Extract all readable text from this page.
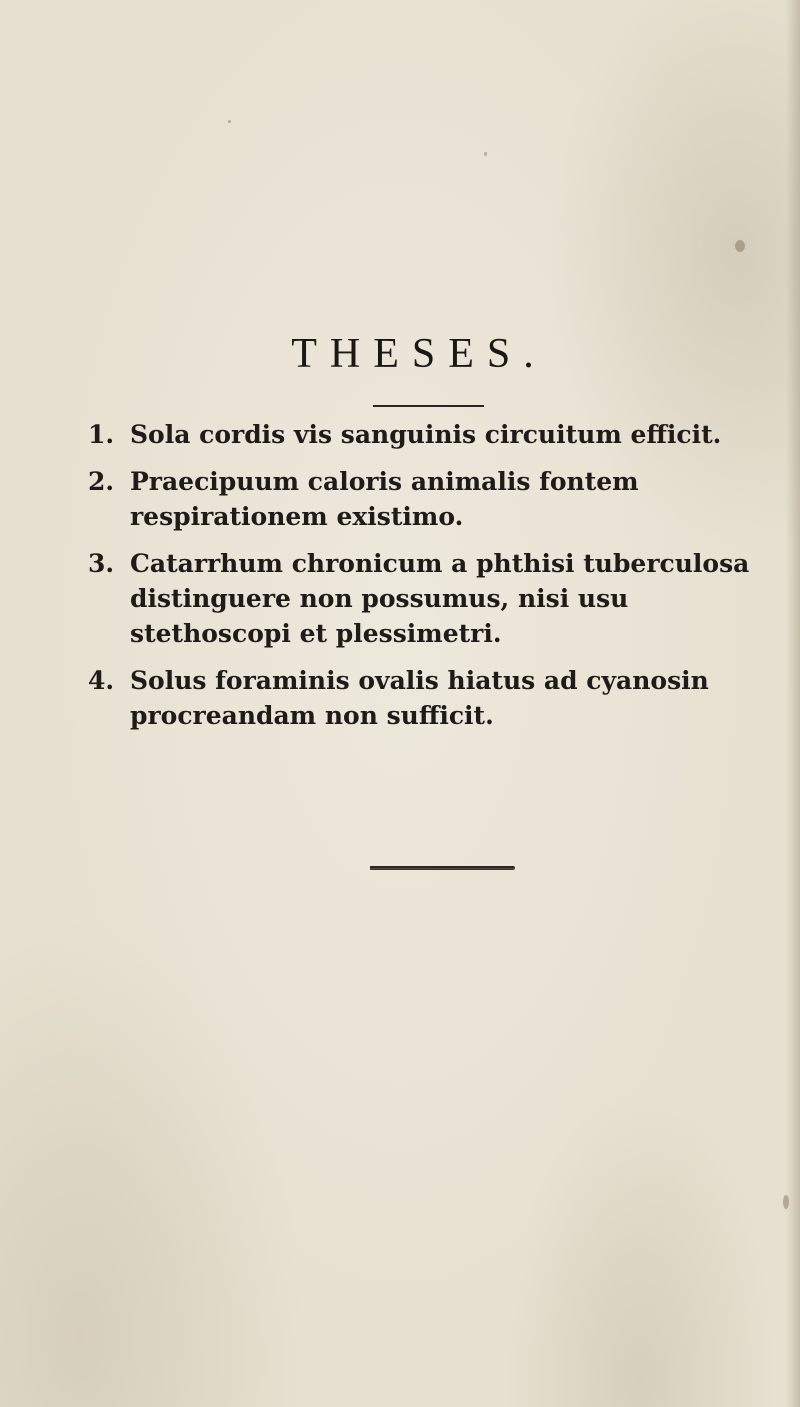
THESES.
1. Sola cordis vis sanguinis circuitum efficit.
2. Praecipuum caloris animalis fontem respirationem existimo.
3. Catarrhum chronicum a phthisi tuberculosa distinguere non possumus, nisi usu stethoscopi et plessimetri.
4. Solus foraminis ovalis hiatus ad cyanosin procreandam non sufficit.
